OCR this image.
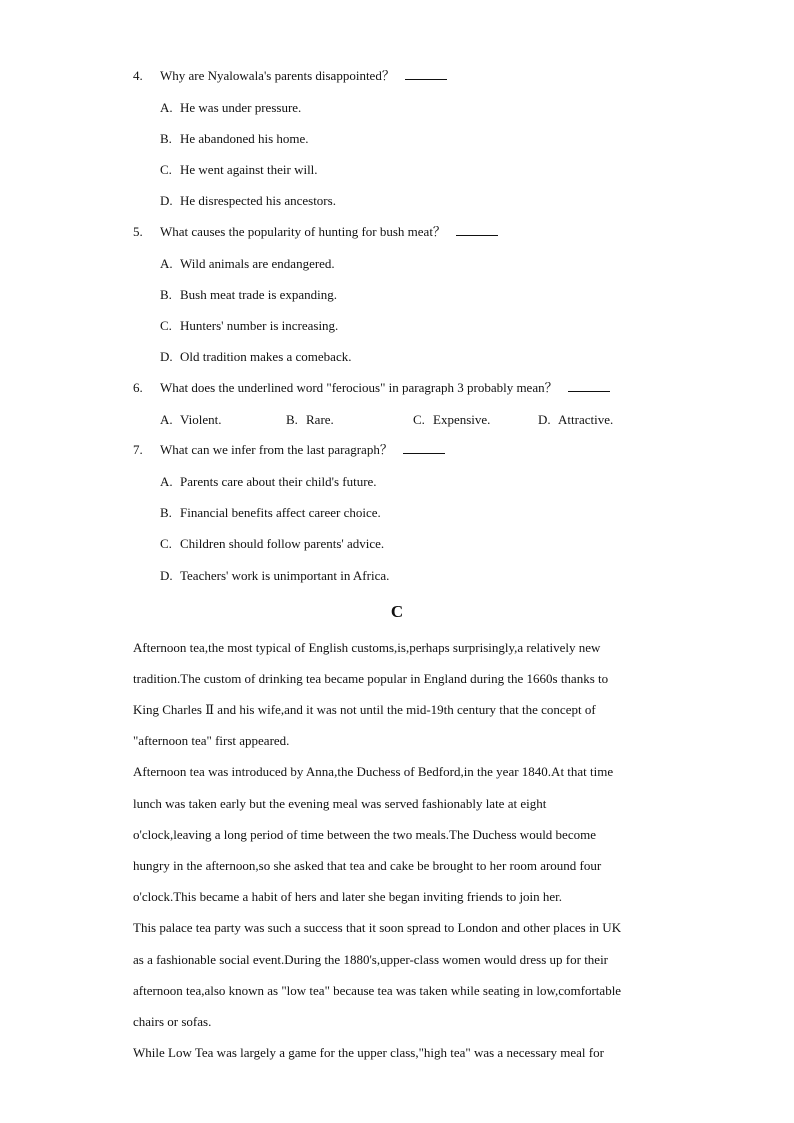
4. Why are Nyalowala's parents disappointed？
A. He was under pressure.
B. He abandoned his home.
C. He went against their will.
D. He disrespected his ancestors.
5. What causes the popularity of hunting for bush meat？
A. Wild animals are endangered.
B. Bush meat trade is expanding.
C. Hunters' number is increasing.
D. Old tradition makes a comeback.
6. What does the underlined word "ferocious" in paragraph 3 probably mean？
A. Violent.	B. Rare.	C. Expensive.	D. Attractive.
7. What can we infer from the last paragraph？
A. Parents care about their child's future.
B. Financial benefits affect career choice.
C. Children should follow parents' advice.
D. Teachers' work is unimportant in Africa.
C
Afternoon tea,the most typical of English customs,is,perhaps surprisingly,a relatively new
tradition.The custom of drinking tea became popular in England during the 1660s thanks to
King Charles Ⅱ and his wife,and it was not until the mid-19th century that the concept of
"afternoon tea" first appeared.
Afternoon tea was introduced by Anna,the Duchess of Bedford,in the year 1840.At that time
lunch was taken early but the evening meal was served fashionably late at eight
o'clock,leaving a long period of time between the two meals.The Duchess would become
hungry in the afternoon,so she asked that tea and cake be brought to her room around four
o'clock.This became a habit of hers and later she began inviting friends to join her.
This palace tea party was such a success that it soon spread to London and other places in UK
as a fashionable social event.During the 1880's,upper-class women would dress up for their
afternoon tea,also known as "low tea" because tea was taken while seating in low,comfortable
chairs or sofas.
While Low Tea was largely a game for the upper class,"high tea" was a necessary meal for
